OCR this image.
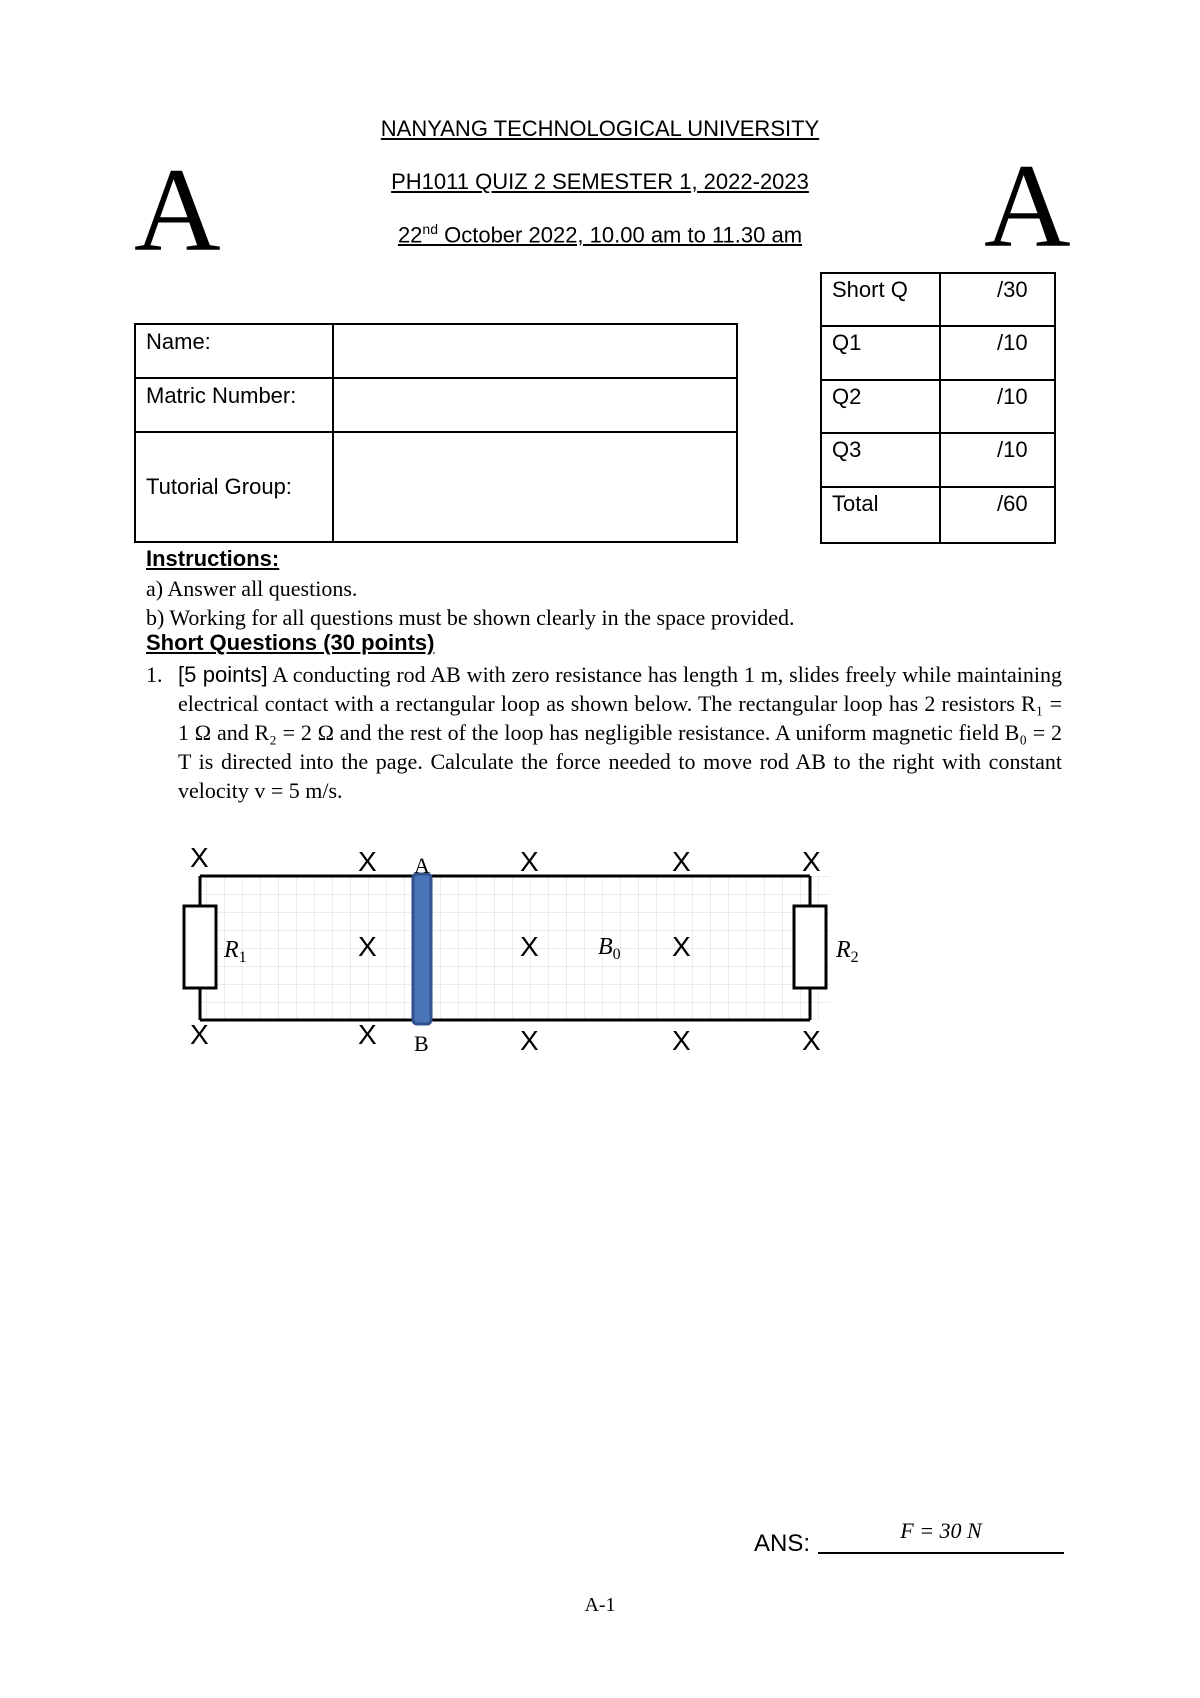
NANYANG TECHNOLOGICAL UNIVERSITY
PH1011 QUIZ 2 SEMESTER 1, 2022-2023
22nd October 2022, 10.00 am to 11.30 am
A	A
Name:	
Matric Number:	
Tutorial Group:	
Short Q	/30
Q1	/10
Q2	/10
Q3	/10
Total	/60
Instructions:
a) Answer all questions.
b) Working for all questions must be shown clearly in the space provided.
Short Questions (30 points)
1. [5 points] A conducting rod AB with zero resistance has length 1 m, slides freely while maintaining electrical contact with a rectangular loop as shown below. The rectangular loop has 2 resistors R₁ = 1 Ω and R₂ = 2 Ω and the rest of the loop has negligible resistance. A uniform magnetic field B₀ = 2 T is directed into the page. Calculate the force needed to move rod AB to the right with constant velocity v = 5 m/s.
X	X	X	X	X
X	X	X
X	X	X	X	X
A
B
$R_1$	$R_2$
$B_0$
ANS:	F = 30 N
A-1
